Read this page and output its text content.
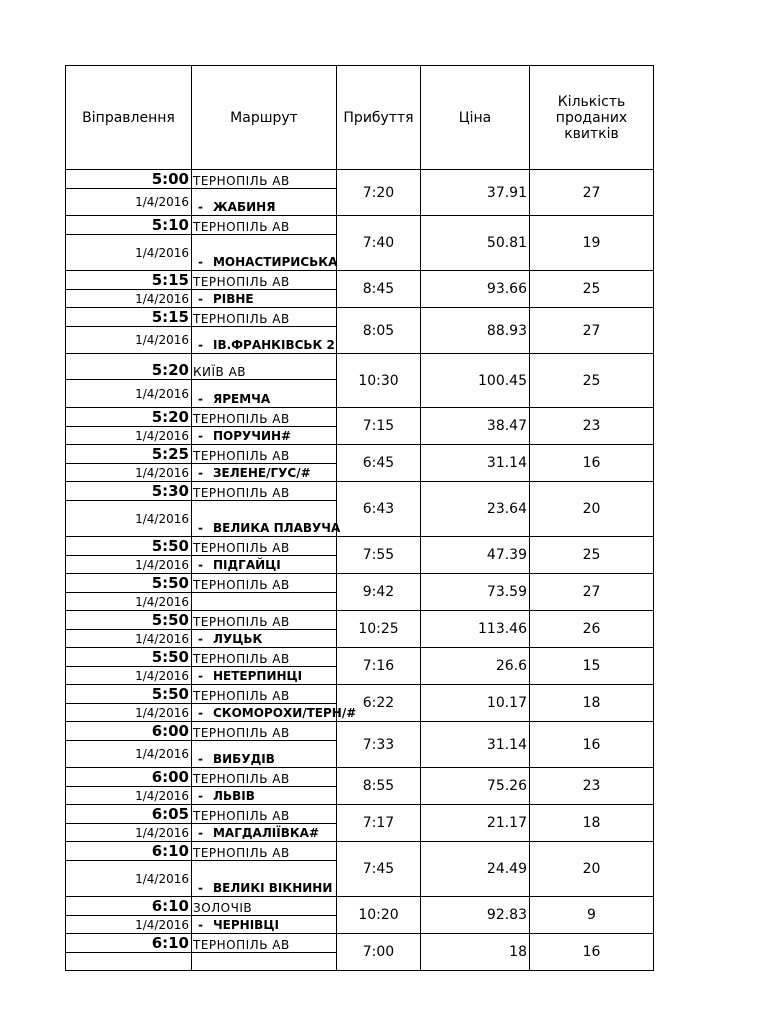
Віправлення	Маршрут	Прибуття	Ціна	Кількість проданих квитків
5:00	ТЕРНОПІЛЬ АВ	7:20	37.91	27
1/4/2016	- ЖАБИНЯ			
5:10	ТЕРНОПІЛЬ АВ	7:40	50.81	19
1/4/2016	- МОНАСТИРИСЬКА			
5:15	ТЕРНОПІЛЬ АВ	8:45	93.66	25
1/4/2016	- РІВНЕ			
5:15	ТЕРНОПІЛЬ АВ	8:05	88.93	27
1/4/2016	- ІВ.ФРАНКІВСЬК 2			
5:20	КИЇВ АВ	10:30	100.45	25
1/4/2016	- ЯРЕМЧА			
5:20	ТЕРНОПІЛЬ АВ	7:15	38.47	23
1/4/2016	- ПОРУЧИН#			
5:25	ТЕРНОПІЛЬ АВ	6:45	31.14	16
1/4/2016	- ЗЕЛЕНЕ/ГУС/#			
5:30	ТЕРНОПІЛЬ АВ	6:43	23.64	20
1/4/2016	- ВЕЛИКА ПЛАВУЧА			
5:50	ТЕРНОПІЛЬ АВ	7:55	47.39	25
1/4/2016	- ПІДГАЙЦІ			
5:50	ТЕРНОПІЛЬ АВ	9:42	73.59	27
1/4/2016				
5:50	ТЕРНОПІЛЬ АВ	10:25	113.46	26
1/4/2016	- ЛУЦЬК			
5:50	ТЕРНОПІЛЬ АВ	7:16	26.6	15
1/4/2016	- НЕТЕРПИНЦІ			
5:50	ТЕРНОПІЛЬ АВ	6:22	10.17	18
1/4/2016	- СКОМОРОХИ/ТЕРН/#			
6:00	ТЕРНОПІЛЬ АВ	7:33	31.14	16
1/4/2016	- ВИБУДІВ			
6:00	ТЕРНОПІЛЬ АВ	8:55	75.26	23
1/4/2016	- ЛЬВІВ			
6:05	ТЕРНОПІЛЬ АВ	7:17	21.17	18
1/4/2016	- МАГДАЛІЇВКА#			
6:10	ТЕРНОПІЛЬ АВ	7:45	24.49	20
1/4/2016	- ВЕЛИКІ ВІКНИНИ			
6:10	ЗОЛОЧІВ	10:20	92.83	9
1/4/2016	- ЧЕРНІВЦІ			
6:10	ТЕРНОПІЛЬ АВ	7:00	18	16
